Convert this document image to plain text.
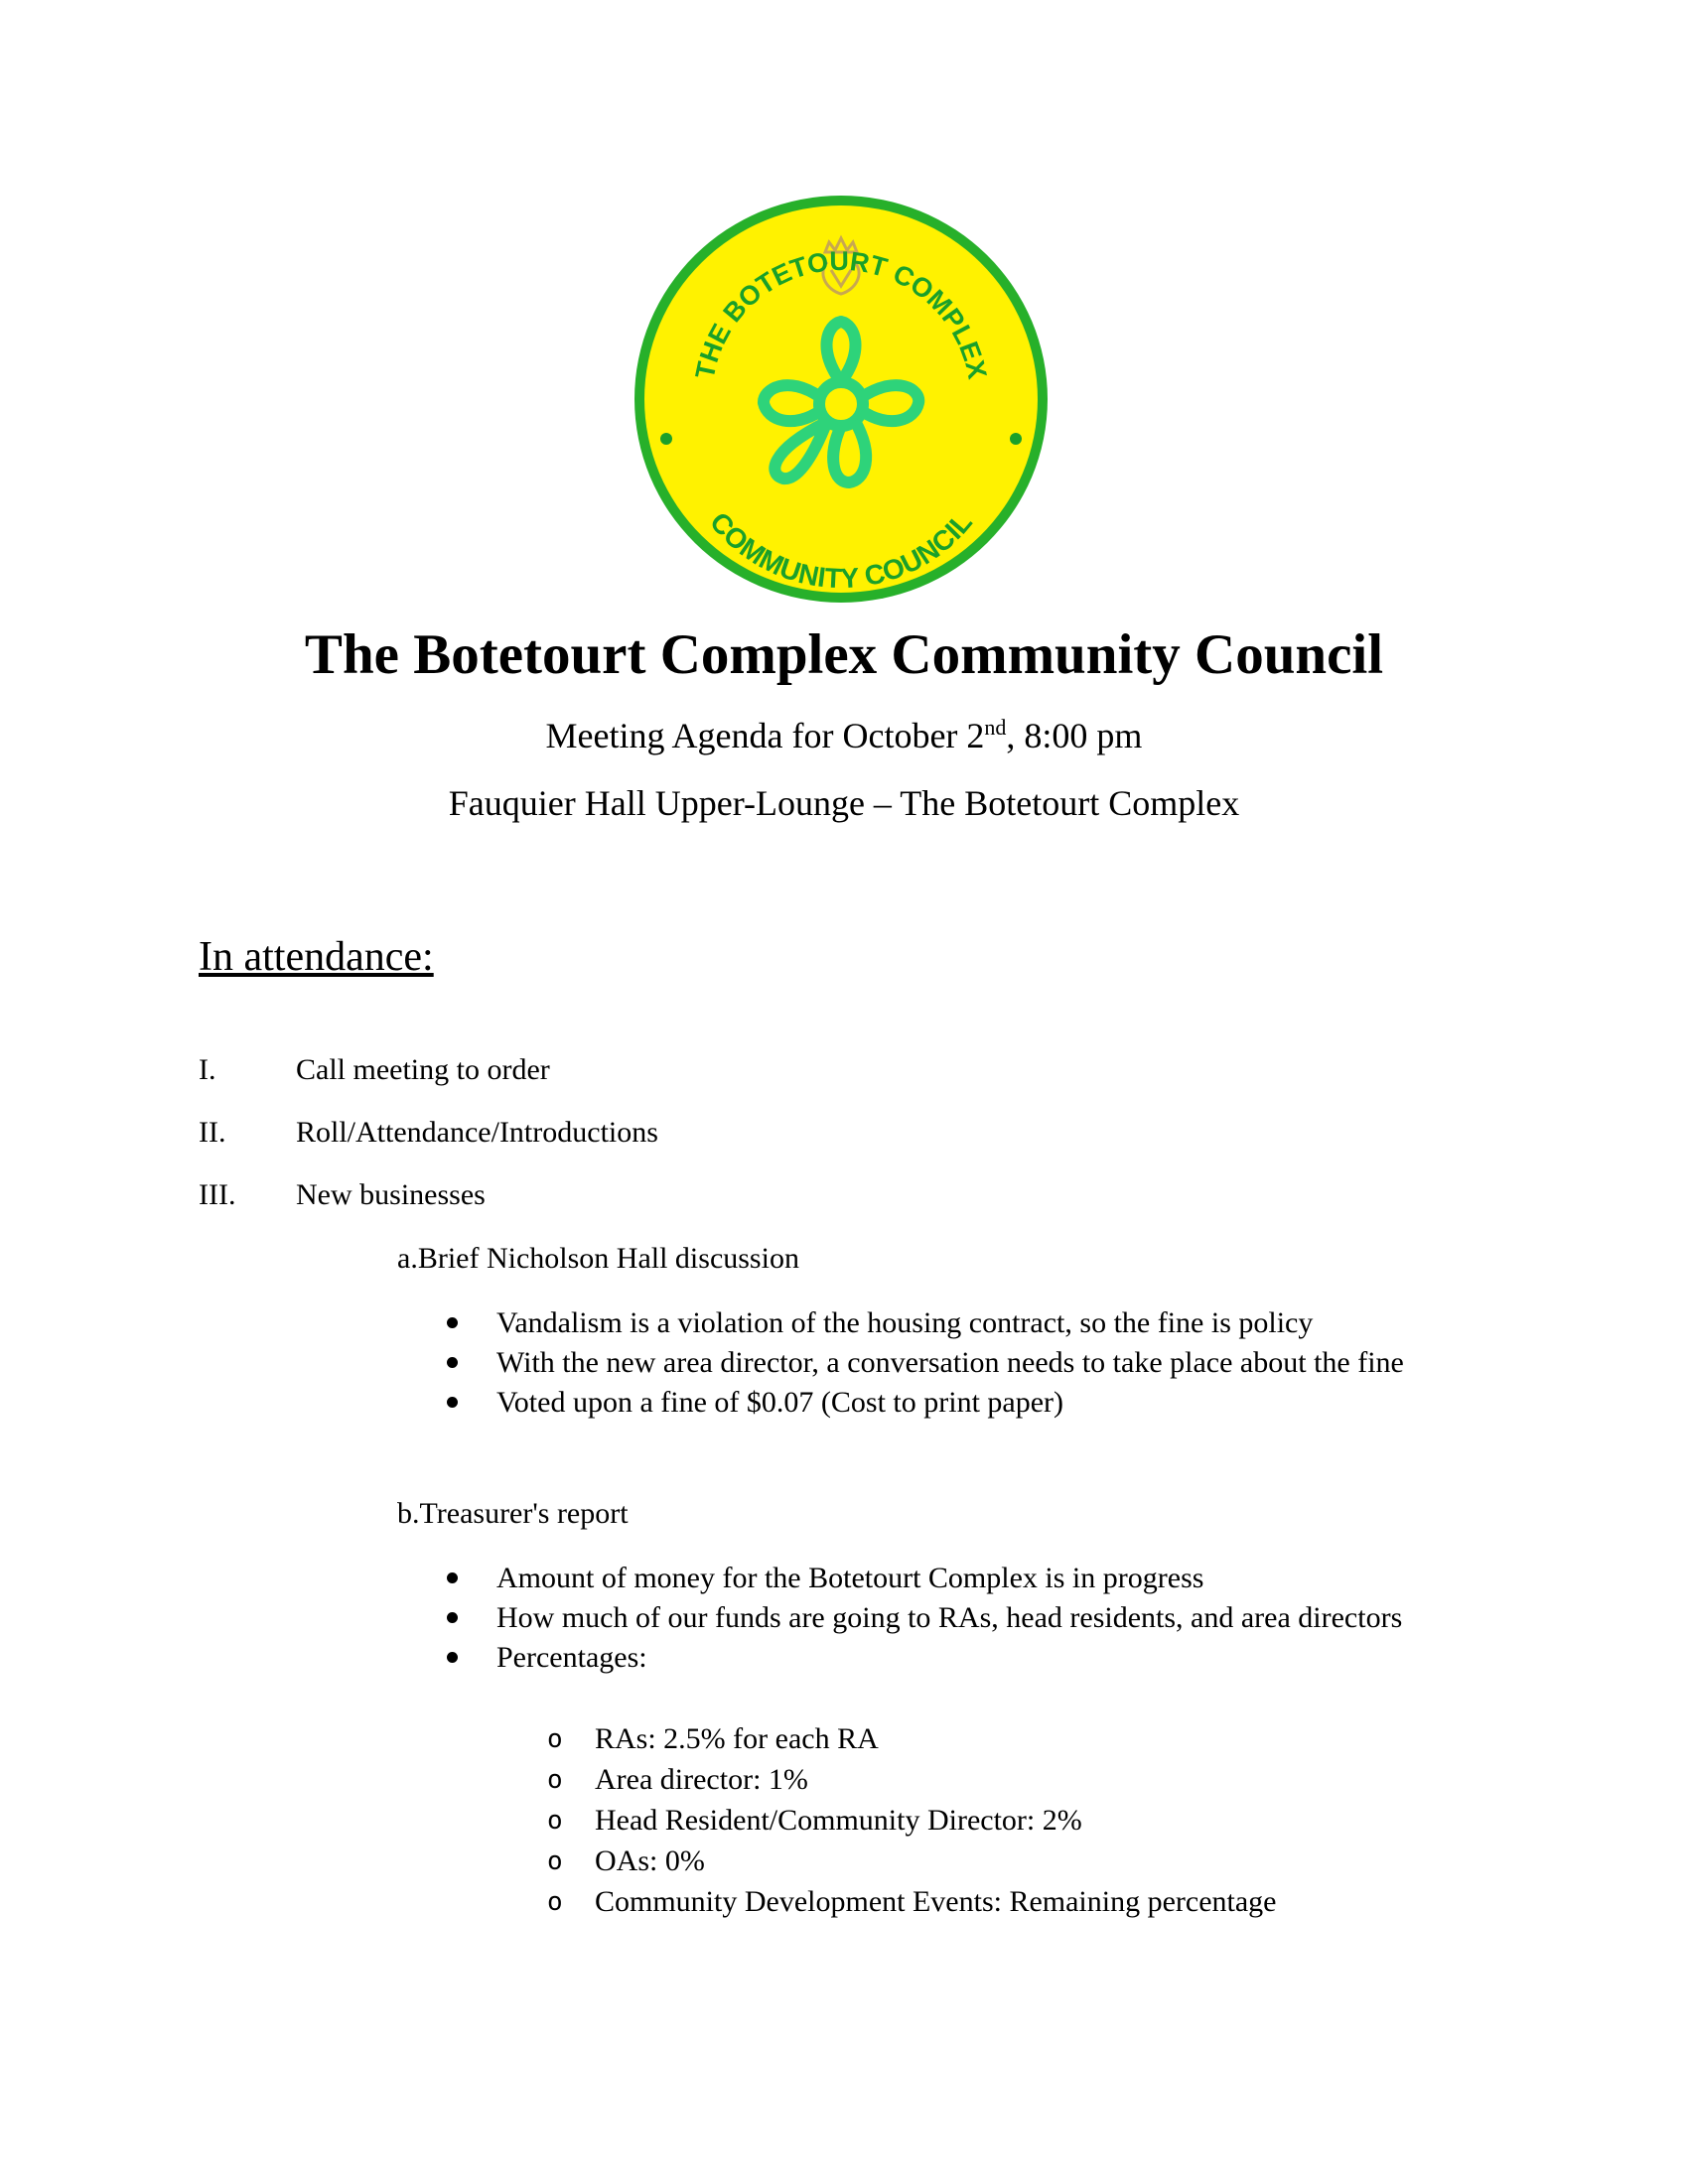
THE BOTETOURT COMPLEX
COMMUNITY COUNCIL
The Botetourt Complex Community Council
Meeting Agenda for October 2nd, 8:00 pm
Fauquier Hall Upper-Lounge – The Botetourt Complex
In attendance:
I.	Call meeting to order
II. Roll/Attendance/Introductions
III. New businesses
a.Brief Nicholson Hall discussion
Vandalism is a violation of the housing contract, so the fine is policy
With the new area director, a conversation needs to take place about the fine
Voted upon a fine of $0.07 (Cost to print paper)
b.Treasurer's report
Amount of money for the Botetourt Complex is in progress
How much of our funds are going to RAs, head residents, and area directors
Percentages:
o RAs: 2.5% for each RA
o Area director: 1%
o Head Resident/Community Director: 2%
o OAs: 0%
o Community Development Events: Remaining percentage
